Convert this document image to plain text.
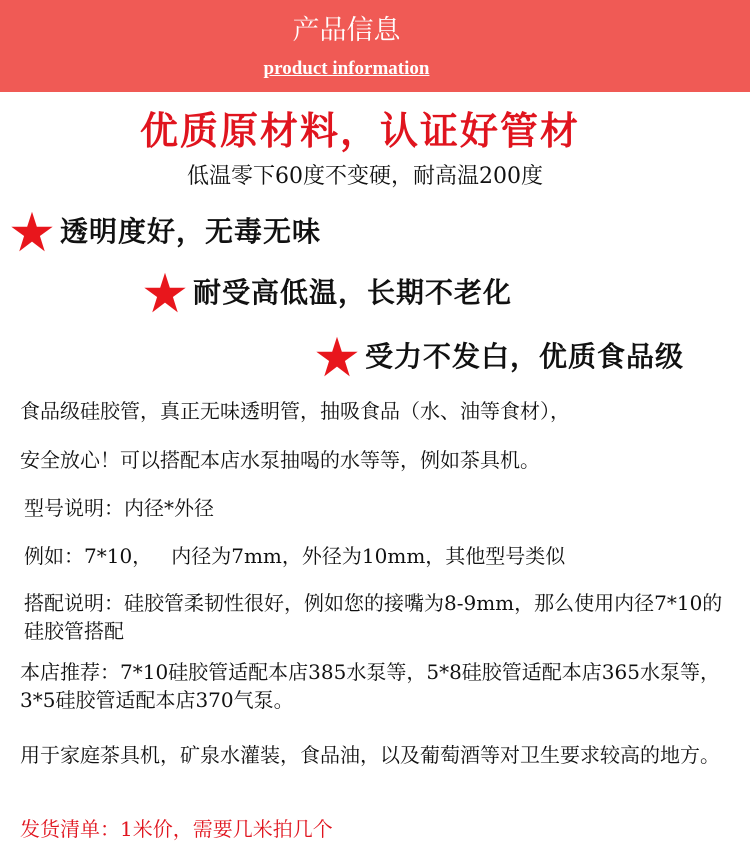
产品信息
product information
优质原材料，认证好管材
低温零下60度不变硬，耐高温200度
透明度好，无毒无味
耐受高低温，长期不老化
受力不发白，优质食品级
食品级硅胶管，真正无味透明管，抽吸食品（水、油等食材），
安全放心！可以搭配本店水泵抽喝的水等等，例如茶具机。
型号说明：内径*外径
例如：7*10，   内径为7mm，外径为10mm，其他型号类似
搭配说明：硅胶管柔韧性很好，例如您的接嘴为8-9mm，那么使用内径7*10的硅胶管搭配
本店推荐：7*10硅胶管适配本店385水泵等，5*8硅胶管适配本店365水泵等，3*5硅胶管适配本店370气泵。
用于家庭茶具机，矿泉水灌装，食品油，以及葡萄酒等对卫生要求较高的地方。
发货清单：1米价，需要几米拍几个
